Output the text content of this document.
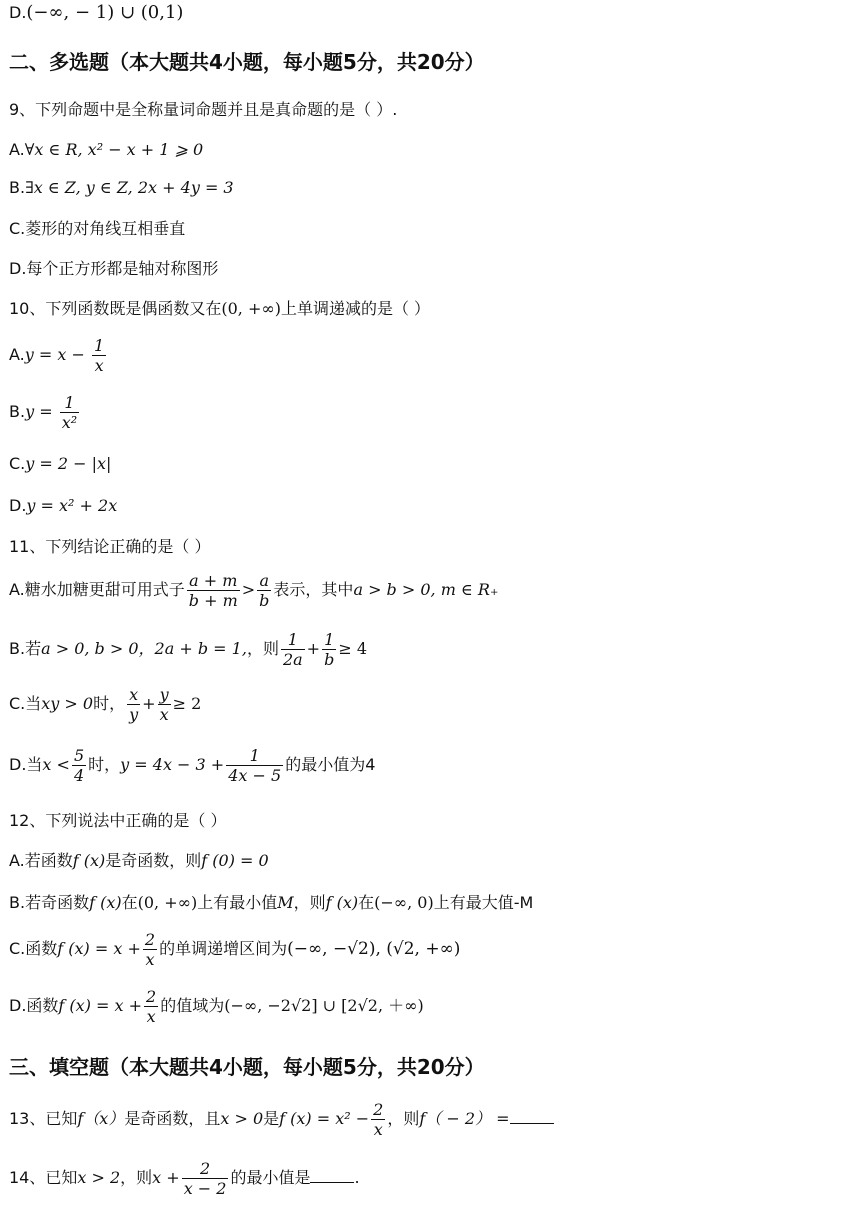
D.(−∞, − 1) ∪ (0,1)
二、多选题（本大题共4小题，每小题5分，共20分）
9、下列命题中是全称量词命题并且是真命题的是（ ）.
A.∀x ∈ R, x² − x + 1 ⩾ 0
B.∃x ∈ Z, y ∈ Z, 2x + 4y = 3
C.菱形的对角线互相垂直
D.每个正方形都是轴对称图形
10、下列函数既是偶函数又在(0, +∞)上单调递减的是（ ）
$A.y = x - \frac{1}{x}$
$B.y = \frac{1}{\text{x²}}$
C.y = 2 − |x|
D.y = x² + 2x
11、下列结论正确的是（ ）
A.糖水加糖更甜可用式子 $\frac{a + m}{b + m} > \frac{a}{b}$ 表示，其中a > b > 0, m ∈ R₊
B.若a > 0, b > 0，2a + b = 1,，则 $\frac{1}{2a} + \frac{1}{b} \ge 4$
C.当xy > 0时， $\frac{x}{y} + \frac{y}{x} \ge 2$
D.当$x < \frac{5}{4}$ 时，$y = 4x - 3 + \frac{1}{4x - 5}$ 的最小值为4
12、下列说法中正确的是（ ）
A.若函数f (x)是奇函数，则f (0) = 0
B.若奇函数f (x)在(0, +∞)上有最小值M，则f (x)在(−∞, 0)上有最大值-M
C.函数f $(x) = x + \frac{2}{x}$ 的单调递增区间为(−∞, −√2), (√2, +∞)
D.函数f $(x) = x + \frac{2}{x}$ 的值域为(−∞, −2√2] ∪ [2√2, ＋∞)
三、填空题（本大题共4小题，每小题5分，共20分）
13、已知f（x）是奇函数，且x > 0是f $(x) = x^2 - \frac{2}{x}$ ，则f（ − 2） =
14、已知x > 2，则$x + \frac{2}{x - 2}$ 的最小值是	.
